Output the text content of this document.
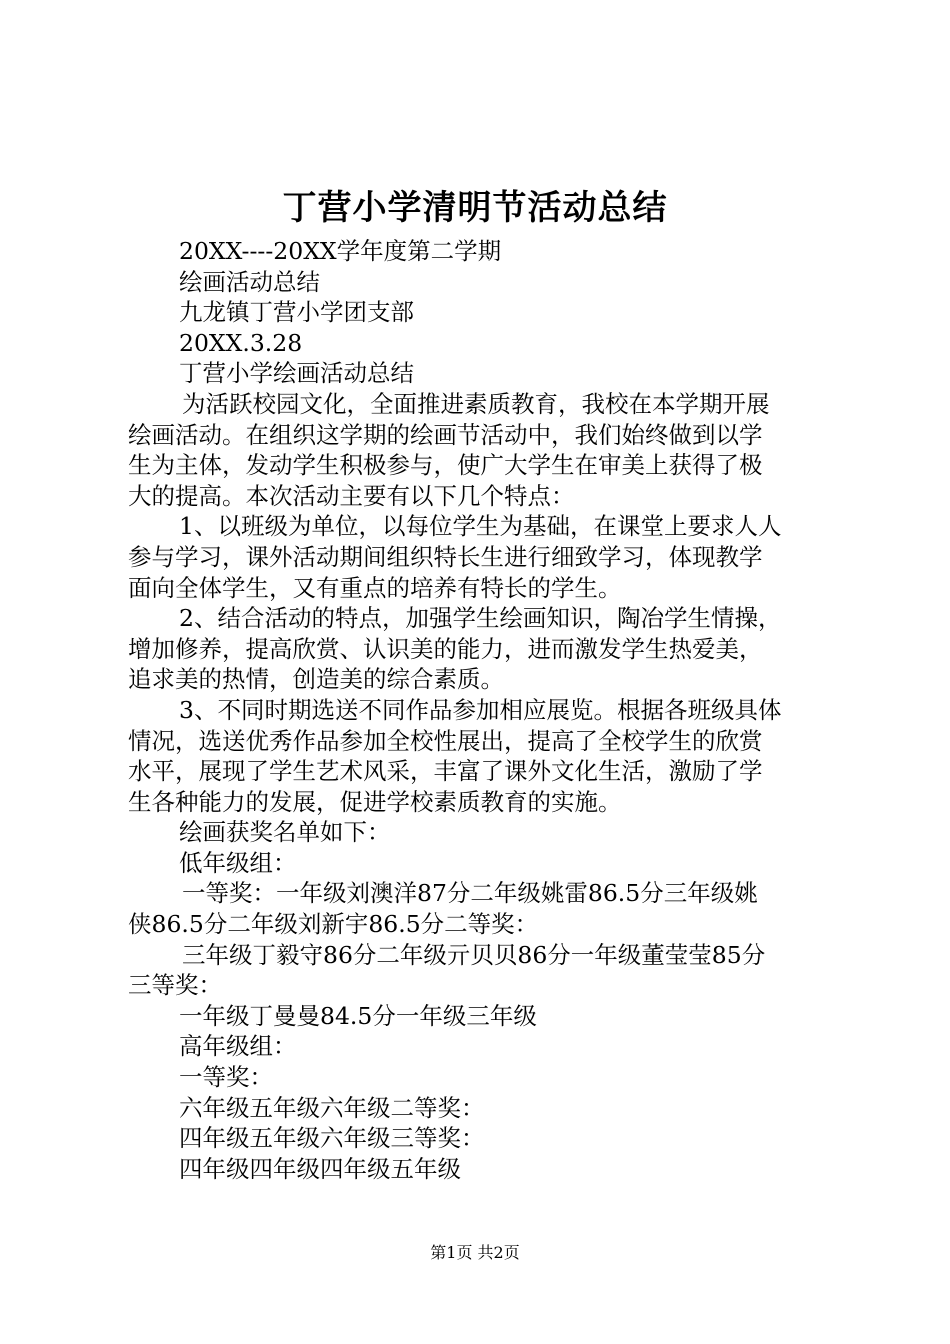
丁营小学清明节活动总结
20XX----20XX学年度第二学期
绘画活动总结
九龙镇丁营小学团支部
20XX.3.28
丁营小学绘画活动总结
为活跃校园文化，全面推进素质教育，我校在本学期开展
绘画活动。在组织这学期的绘画节活动中，我们始终做到以学
生为主体，发动学生积极参与，使广大学生在审美上获得了极
大的提高。本次活动主要有以下几个特点：
1、以班级为单位，以每位学生为基础，在课堂上要求人人
参与学习，课外活动期间组织特长生进行细致学习，体现教学
面向全体学生，又有重点的培养有特长的学生。
2、结合活动的特点，加强学生绘画知识，陶冶学生情操，
增加修养，提高欣赏、认识美的能力，进而激发学生热爱美，
追求美的热情，创造美的综合素质。
3、不同时期选送不同作品参加相应展览。根据各班级具体
情况，选送优秀作品参加全校性展出，提高了全校学生的欣赏
水平，展现了学生艺术风采，丰富了课外文化生活，激励了学
生各种能力的发展，促进学校素质教育的实施。
绘画获奖名单如下：
低年级组：
一等奖：一年级刘澳洋87分二年级姚雷86.5分三年级姚
侠86.5分二年级刘新宇86.5分二等奖：
三年级丁毅守86分二年级亓贝贝86分一年级董莹莹85分
三等奖：
一年级丁曼曼84.5分一年级三年级
高年级组：
一等奖：
六年级五年级六年级二等奖：
四年级五年级六年级三等奖：
四年级四年级四年级五年级
第1页 共2页
